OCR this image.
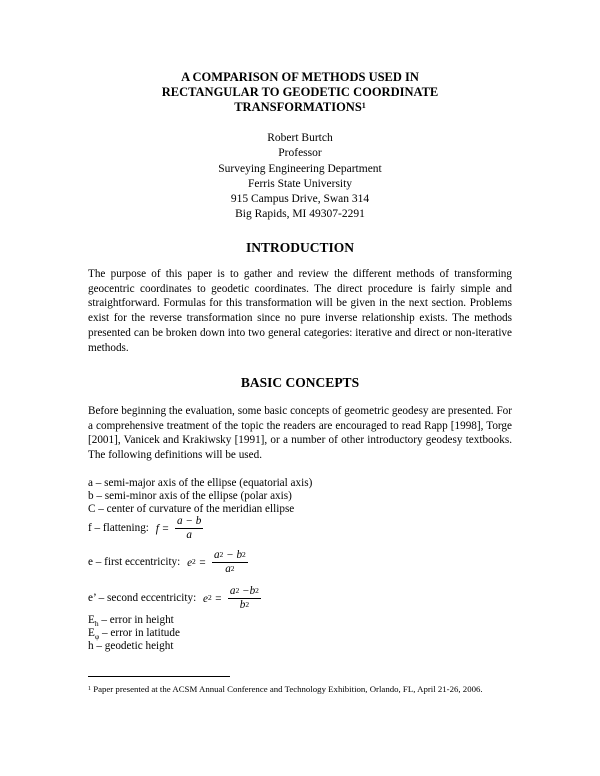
A COMPARISON OF METHODS USED IN
RECTANGULAR TO GEODETIC COORDINATE
TRANSFORMATIONS$^1$
Robert Burtch
Professor
Surveying Engineering Department
Ferris State University
915 Campus Drive, Swan 314
Big Rapids, MI 49307-2291
INTRODUCTION
The purpose of this paper is to gather and review the different methods of transforming geocentric coordinates to geodetic coordinates. The direct procedure is fairly simple and straightforward. Formulas for this transformation will be given in the next section. Problems exist for the reverse transformation since no pure inverse relationship exists. The methods presented can be broken down into two general categories: iterative and direct or non-iterative methods.
BASIC CONCEPTS
Before beginning the evaluation, some basic concepts of geometric geodesy are presented. For a comprehensive treatment of the topic the readers are encouraged to read Rapp [1998], Torge [2001], Vanicek and Krakiwsky [1991], or a number of other introductory geodesy textbooks. The following definitions will be used.
a – semi-major axis of the ellipse (equatorial axis)
b – semi-minor axis of the ellipse (polar axis)
C – center of curvature of the meridian ellipse
f – flattening: $f = \frac{a - b}{a}$
e – first eccentricity: $e^2 = \frac{a^2 - b^2}{a^2}$
e’ – second eccentricity: $e^2 = \frac{a^2 -b^2}{b^2}$
$E_h$ – error in height
$E_\varphi$ – error in latitude
h – geodetic height
$^1$ Paper presented at the ACSM Annual Conference and Technology Exhibition, Orlando, FL, April 21-26, 2006.
